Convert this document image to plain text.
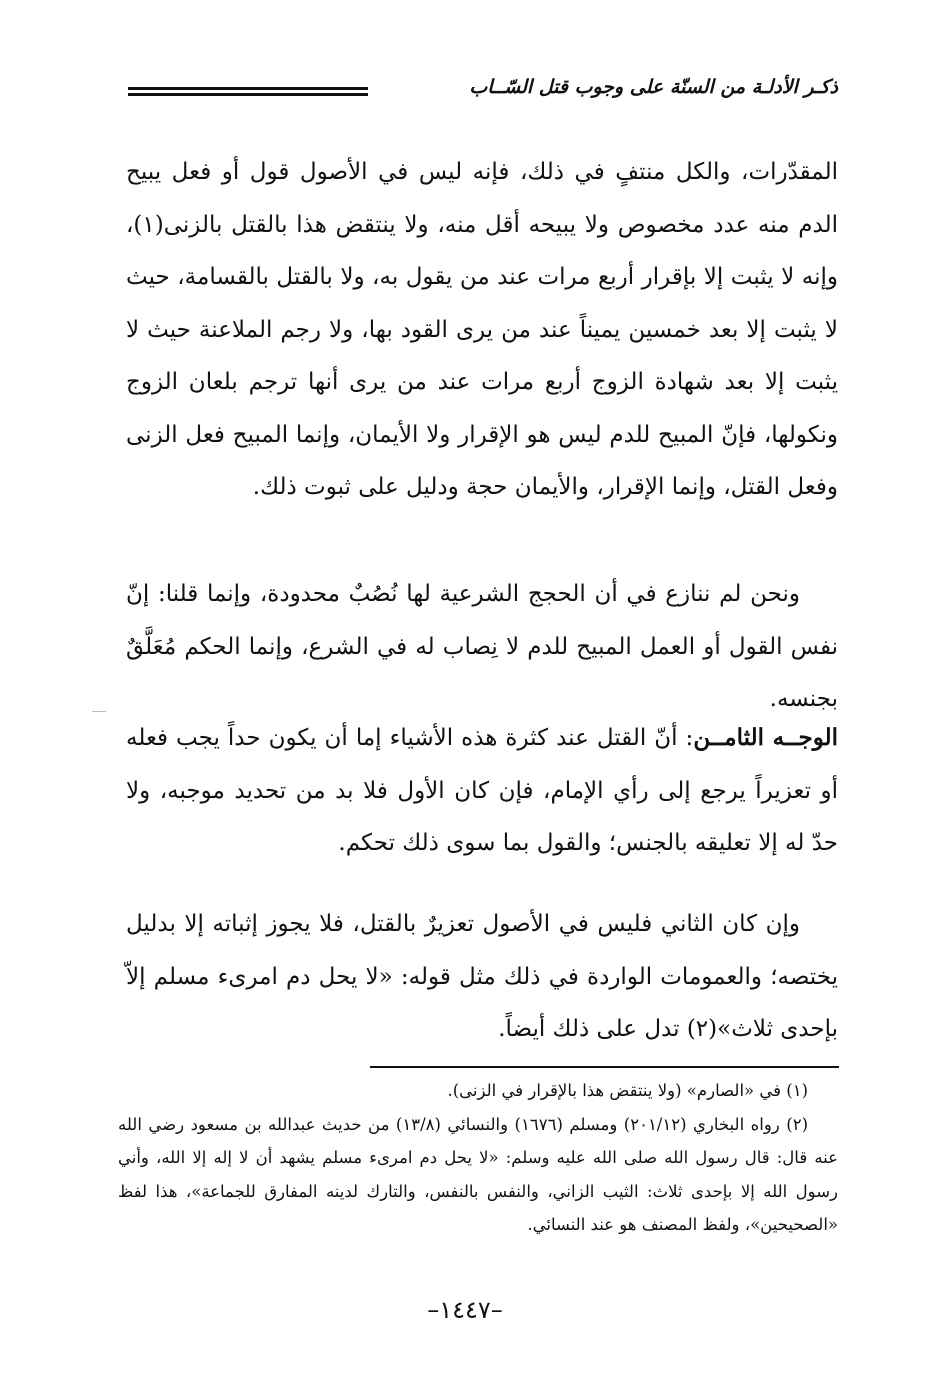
ذكـر الأدلـة من السنّة على وجوب قتل السّــاب

المقدّرات، والكل منتفٍ في ذلك، فإنه ليس في الأصول قول أو فعل يبيح الدم منه عدد مخصوص ولا يبيحه أقل منه، ولا ينتقض هذا بالقتل بالزنى(١)، وإنه لا يثبت إلا بإقرار أربع مرات عند من يقول به، ولا بالقتل بالقسامة، حيث لا يثبت إلا بعد خمسين يميناً عند من يرى القود بها، ولا رجم الملاعنة حيث لا يثبت إلا بعد شهادة الزوج أربع مرات عند من يرى أنها ترجم بلعان الزوج ونكولها، فإنّ المبيح للدم ليس هو الإقرار ولا الأيمان، وإنما المبيح فعل الزنى وفعل القتل، وإنما الإقرار، والأيمان حجة ودليل على ثبوت ذلك.

ونحن لم ننازع في أن الحجج الشرعية لها نُصُبٌ محدودة، وإنما قلنا: إنّ نفس القول أو العمل المبيح للدم لا نِصاب له في الشرع، وإنما الحكم مُعَلَّقٌ بجنسه.

الوجــه الثامــن: أنّ القتل عند كثرة هذه الأشياء إما أن يكون حداً يجب فعله أو تعزيراً يرجع إلى رأي الإمام، فإن كان الأول فلا بد من تحديد موجبه، ولا حدّ له إلا تعليقه بالجنس؛ والقول بما سوى ذلك تحكم.

وإن كان الثاني فليس في الأصول تعزيرٌ بالقتل، فلا يجوز إثباته إلا بدليل يختصه؛ والعمومات الواردة في ذلك مثل قوله: «لا يحل دم امرىء مسلم إلاّ بإحدى ثلاث»(٢) تدل على ذلك أيضاً.

(١) في «الصارم» (ولا ينتقض هذا بالإقرار في الزنى).

(٢) رواه البخاري (٢٠١/١٢) ومسلم (١٦٧٦) والنسائي (١٣/٨) من حديث عبدالله بن مسعود رضي الله عنه قال: قال رسول الله صلى الله عليه وسلم: «لا يحل دم امرىء مسلم يشهد أن لا إله إلا الله، وأني رسول الله إلا بإحدى ثلاث: الثيب الزاني، والنفس بالنفس، والتارك لدينه المفارق للجماعة»، هذا لفظ «الصحيحين»، ولفظ المصنف هو عند النسائي.

–١٤٤٧–
